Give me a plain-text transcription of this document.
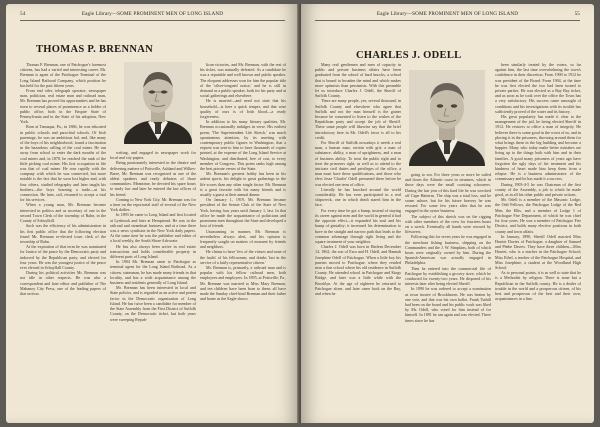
54	Eagle Library—SOME PROMINENT MEN OF LONG ISLAND
THOMAS P. BRENNAN

Thomas P. Brennan, one of Patchogue's foremost citizens, has had a varied and interesting career. Mr. Brennan is agent of the Patchogue Terminal of the Long Island Railroad Company, which position he has held for the past fifteen years.

From end oiler, telegraph operator, newspaper man, politician, real estate man and railroad man, Mr. Brennan has proved his opportunities and he has risen to several places of prominence as a holder of public office, both in the Empire State of Pennsylvania and in the State of his adoption, New York.

Born at Tamaqua, Pa., in 1866, he was educated in public schools and parochial schools. Of Irish parentage, he was an ambitious lad, and, like many of the boys of his neighborhood, found a fascination in the hazardous calling of the coal miner. He ran away from school to enter the dark mouths of the coal mines and, in 1878, he reached the rank of the little picking coal miner. His first occupation in life was that of coal miner. He rose rapidly with the company with which he was connected, but more notable is the fact that he soon lost higher and, with four others, studied telegraphy and later taught his brothers—the boys learning a trade—at his connection. He later, rail, returned to accept a trial for his services.

When a young man, Mr. Brennan became interested in politics and as secretary of one in the second Town Clerk of the township of Rahn, in the County of Schuylkill.

Such was the efficiency of his administration in his first public office that the following election found Mr. Brennan re-elected town clerk of the township of Rahn.

At the expiration of that term he was nominated for Justice of the peace by the Democratic party and indorsed by the Republican party, and elected for four years. He was the youngest justice of the peace ever elected in Schuylkill County.

During his political activities Mr. Brennan was not idle in other respects. He was also a correspondent and later editor and publisher of The Mahanoy City Press, one of the leading papers of that section.

writing, and engaged in newspaper work for local and city papers.

Being passionately interested in the theatre and delivering matters of Pottsville, Ashland and Wilkes-Barre, Mr. Brennan was recognized as one of the ablest speakers and ready debaters of those communities. Meantime, he devoted his spare hours to study law and later he entered the law offices of his friend.

Coming to New York City, Mr. Brennan was for a time on the reportorial staff of several of the New York dailies.

In 1893 he came to Long Island and first located at Lynbrook and later at Hempstead. He was in the railroad and steamboat business, and at a time there was a news syndicate in the New York daily papers. At the same time he was the publisher and editor of a local weekly, the South Shore Advocate.

He has also always been active in real estate transactions and holds considerable property in different parts of Long Island.

In 1904 Mr. Brennan came to Patchogue as terminal agent for the Long Island Railroad. As a citizen, statesman, he has made many friends in that locality, and has a wide acquaintance among the business and residents generally of Long Island.

Mr. Brennan has been interested in local and State politics, and is regarded as an active and potent factor in the Democratic organization of Long Island. He has twice been a candidate for member of the State Assembly from the First District of Suffolk County, on the Democratic ticket, but both years were sweeping Repub-

lican victories, and Mr. Brennan, with the rest of his ticket, was naturally defeated. As a candidate he was a reputable and well known and public speaker. The eloquent addresses won for him the popular title of the 'silver-tongued orator,' and he is still in demand as a public speaker, both for his party and at social gatherings and elsewhere.

He is married—and need not state that his household—is here a quick temper, and that wise quality of ours is of Irish blood—a ready forgiveness.

In addition to his many literary qualities, Mr. Brennan occasionally indulges in verse. His earliest poem, 'The Suprintendent Life Sketch,' was much spontaneous attention, by its meeting with contemporary public figures in Washington, that a request was sent to him to have thousands of copies printed, at the expense of the Long Island Service at Washington, and distributed, free of cost, to every member of Congress. This poem ranks high among the best private verses of the State.

Mr. Brennan's greatest hobby has been in his ardent sports, his delight to great gatherings in the life scores than any other single factor. Mr. Brennan is a great favorite with his many friends and is usually a guest at their annual dinner.

On January 1, 1919, Mr. Brennan became president of the Senate Club of the State of New York, having four years until January 1, last. In that office he made the acquaintance of politicians and prominent men throughout the State and developed a host of friends.

Unassuming in manner, Mr. Brennan is nevertheless always alert, and his opinion is frequently sought on matters of moment by friends and neighbors.

He claims to have 'few of the virtues and none of the faults' of his fellowmen, and drinks 'fast in the service of a fairly representative citizen.'

Mr. Brennan is, primarily, a railroad man and is popular with his fellow railroad men, both employees and employers. In 1895, at Pottsville, Pa., Mr. Brennan was married to Miss Mary Brennan, and ten children have been born to them; all have made the Sunday chief-kind Brennan and their father and home as the Eagle shows.

Eagle Library—SOME PROMINENT MEN OF LONG ISLAND	55
CHARLES J. ODELL

Many real gentlemen and men of capacity in public and private business affairs have been graduated from the school of hard knocks, a school that is bound to broaden the mind and which makes more optimists than pessimists. With this preamble let us introduce Charles J. Odell, the Sheriff of Suffolk County.

There are many people, yes, several thousand, in Suffolk County and elsewhere who agree that Suffolk and not the man himself is the gainer because he consented to listen to the wishes of the Republican party and accept the job of Sheriff. These same people will likewise say that the brief introductory here in Mr. Odell's favor is all to his credit.

For Sheriff of Suffolk nowadays it needs a real man, a human man, certain with grit; a man of substance, ability, a man of uprightness, and a man of business ability. To treat the public right and to treat the prisoners right, as well as to attend to the intricate civil duties and privileges of the office, a man must have these qualifications, and those who elect Jesse 'Charlie' Odell presumed these before he was elected one term of office.

Literally he has knocked around the world considerably. He has even participated in a real shipwreck, one in which death stared him in the face.

For every time he got a bump, instead of staying its career against men and the world in general it had the opposite effect—it expanded his soul and his bump of geniality; it increased his determination to have in the straight and narrow path that leads to the common advantage through right living and the square treatment of your neighbor.

Charles J. Odell was born in Harlem December 14, 1862, the son of Ezra and H. Odell, and Hannah Josephine Odell of Patchogue. When a little boy his parents moved to Patchogue, where they resided near a fine school where his old residence in Suffolk County. He attended school in Patchogue and Kings Bridge, and later was a little while with the Brooklyn. At the age of eighteen he returned to Patchogue alone, and later came back on the Bay, and when he

going to sea. For three years or more he sailed and down the Atlantic coast in steamers, which in those days were the small coasting schooners. During the last year of this hard life he was wrecked off Cape Hatteras. The ship was a total loss, and he swam ashore, but for his future bravery he was rescued. For some few years after that he was engaged in the oyster business.

The subject of this sketch was on the rigging with other members of the crew for fourteen hours on a wreck. Eventually all hands were rescued by lifesavers.

Following this for seven years he was engaged in the merchant fishing business, shipping on the Commanders and the J. W. Simpkins, both of which boats were originally owned by him. During the Spanish-American war actually engaged in Philadelphia.

Then he entered into the commercial life of Patchogue by establishing a grocery store, which he conducted for twenty-two years. He disposed of his interests later after being elected Sheriff.

In 1890 he was ordered to accept a nomination as town trustee of Brookhaven. He was beaten by one vote, and that was his own ballot. Frank Tuthill had been on the board and his public work was liked by Mr. Odell, who voted for him instead of for himself. In 1891 he ran again and was elected. Three times since he has

been similarly treated by the voters, so far against him, the last time overwhelming the town's confidence in their discretion. From 1900 to 1912 he was president of the Board. From 1904, at the time he was first elected the two had been turned to private parties. He was elected as a Bay Bay ticket, and as soon as he took over the office the Town has a very satisfactory. His success came unsought of conditions and his investigations with its trouble has sufficiently proved of the water and its history.

His great popularity has made it clear to the management of the jail, he being elected Sheriff in 1912. He restores to office a man of integrity. He believes there is some good in the worst of us, and in placing it in the prisoners, throwing around them for what brings them in the big building and become a happier. Many who today make better mistakes are living up to the things both with him and in their families. A good many prisoners of years ago have forgotten the ugly days of his treatment and his kindness of heart made him keep them from a relapse. He is a business administrator of the commissary and he has made it a success.

During 1903-4-5 he was Chairman of the first county of the Assembly, a job to which he made good, as in all his other public and private actions.

Mr. Odell is a member of the Masonic Lodge, the Odd Fellows, the Patchogue Lodge of the Red Men, the Elks, and a member of Lodge 1 of Patchogue Fire Department, of which he was chief for four years. He was a member of Patchogue Fire District, and holds many elective positions in both county and town affairs.

In January, 1890, Sheriff Odell married Miss Harriet Davies of Patchogue, a daughter of Samuel and Phebe Davies. They have three children—Miss Harriet, who is a teacher in the Patchogue School; Miss Ethel, a teacher of the Patchogue Hospital, and Miss Josephine, a student at the Woodland High School.

As to personal points, it is as well to state that he is a Methodist by religion. There is none but a Republican in the Suffolk county. He is a dealer of trouble in the world and a prosperous citizen, of his best and prosperous of the best and their own, acquaintances in a fine.
